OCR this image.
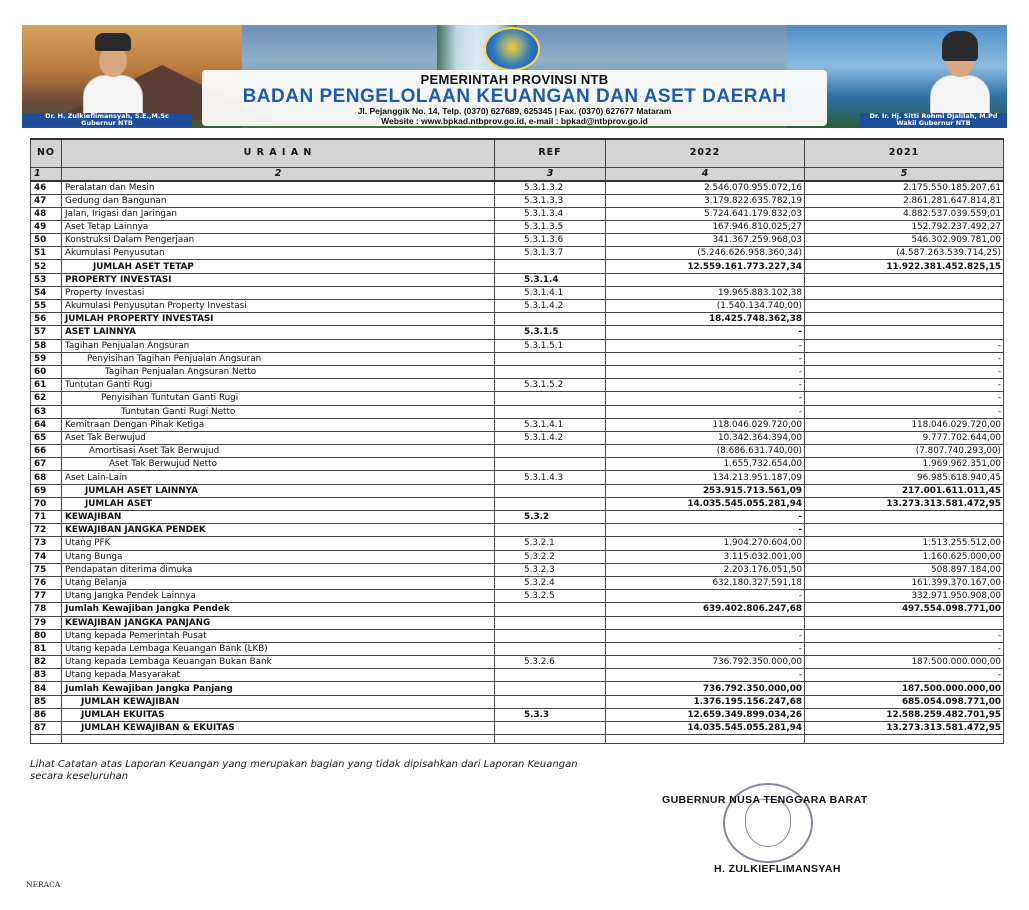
PEMERINTAH PROVINSI NTB
BADAN PENGELOLAAN KEUANGAN DAN ASET DAERAH
Jl. Pejanggik No. 14, Telp. (0370) 627689, 625345 | Fax. (0370) 627677 Mataram
Website : www.bpkad.ntbprov.go.id, e-mail : bpkad@ntbprov.go.id
Dr. H. Zulkieflimansyah, S.E.,M.Sc
Gubernur NTB
Dr. Ir. Hj. Sitti Rohmi Djalilah, M.Pd
Wakil Gubernur NTB
NO	U R A I A N	REF	2022	2021
1	2	3	4	5
46	Peralatan dan Mesin	5.3.1.3.2	2.546.070.955.072,16	2.175.550.185.207,61
47	Gedung dan Bangunan	5.3.1.3.3	3.179.822.635.782,19	2.861.281.647.814,81
48	Jalan, Irigasi dan Jaringan	5.3.1.3.4	5.724.641.179.832,03	4.882.537.039.559,01
49	Aset Tetap Lainnya	5.3.1.3.5	167.946.810.025,27	152.792.237.492,27
50	Konstruksi Dalam Pengerjaan	5.3.1.3.6	341.367.259.968,03	546.302.909.781,00
51	Akumulasi Penyusutan	5.3.1.3.7	(5.246.626.958.360,34)	(4.587.263.539.714,25)
52	JUMLAH ASET TETAP		12.559.161.773.227,34	11.922.381.452.825,15
53	PROPERTY INVESTASI	5.3.1.4		
54	Property Investasi	5.3.1.4.1	19.965.883.102,38	
55	Akumulasi Penyusutan Property Investasi	5.3.1.4.2	(1.540.134.740,00)	
56	JUMLAH PROPERTY INVESTASI		18.425.748.362,38	
57	ASET LAINNYA	5.3.1.5	-	
58	Tagihan Penjualan Angsuran	5.3.1.5.1	-	-
59	Penyisihan Tagihan Penjualan Angsuran		-	-
60	Tagihan Penjualan Angsuran Netto		-	-
61	Tuntutan Ganti Rugi	5.3.1.5.2	-	-
62	Penyisihan Tuntutan Ganti Rugi		-	-
63	Tuntutan Ganti Rugi Netto		-	-
64	Kemitraan Dengan Pihak Ketiga	5.3.1.4.1	118.046.029.720,00	118.046.029.720,00
65	Aset Tak Berwujud	5.3.1.4.2	10.342.364.394,00	9.777.702.644,00
66	Amortisasi Aset Tak Berwujud		(8.686.631.740,00)	(7.807.740.293,00)
67	Aset Tak Berwujud Netto		1.655.732.654,00	1.969.962.351,00
68	Aset Lain-Lain	5.3.1.4.3	134.213.951.187,09	96.985.618.940,45
69	JUMLAH ASET LAINNYA		253.915.713.561,09	217.001.611.011,45
70	JUMLAH ASET		14.035.545.055.281,94	13.273.313.581.472,95
71	KEWAJIBAN	5.3.2	-	
72	KEWAJIBAN JANGKA PENDEK		-	
73	Utang PFK	5.3.2.1	1.904.270.604,00	1.513.255.512,00
74	Utang Bunga	5.3.2.2	3.115.032.001,00	1.160.625.000,00
75	Pendapatan diterima dimuka	5.3.2.3	2.203.176.051,50	508.897.184,00
76	Utang Belanja	5.3.2.4	632.180.327.591,18	161.399.370.167,00
77	Utang Jangka Pendek Lainnya	5.3.2.5	-	332.971.950.908,00
78	Jumlah Kewajiban Jangka Pendek		639.402.806.247,68	497.554.098.771,00
79	KEWAJIBAN JANGKA PANJANG			
80	Utang kepada Pemerintah Pusat		-	-
81	Utang kepada Lembaga Keuangan Bank (LKB)		-	-
82	Utang kepada Lembaga Keuangan Bukan Bank	5.3.2.6	736.792.350.000,00	187.500.000.000,00
83	Utang kepada Masyarakat		-	-
84	Jumlah Kewajiban Jangka Panjang		736.792.350.000,00	187.500.000.000,00
85	JUMLAH KEWAJIBAN		1.376.195.156.247,68	685.054.098.771,00
86	JUMLAH EKUITAS	5.3.3	12.659.349.899.034,26	12.588.259.482.701,95
87	JUMLAH KEWAJIBAN & EKUITAS		14.035.545.055.281,94	13.273.313.581.472,95

Lihat Catatan atas Laporan Keuangan yang merupakan bagian yang tidak dipisahkan dari Laporan Keuangan
secara keseluruhan
GUBERNUR NUSA TENGGARA BARAT
H. ZULKIEFLIMANSYAH
NERACA
